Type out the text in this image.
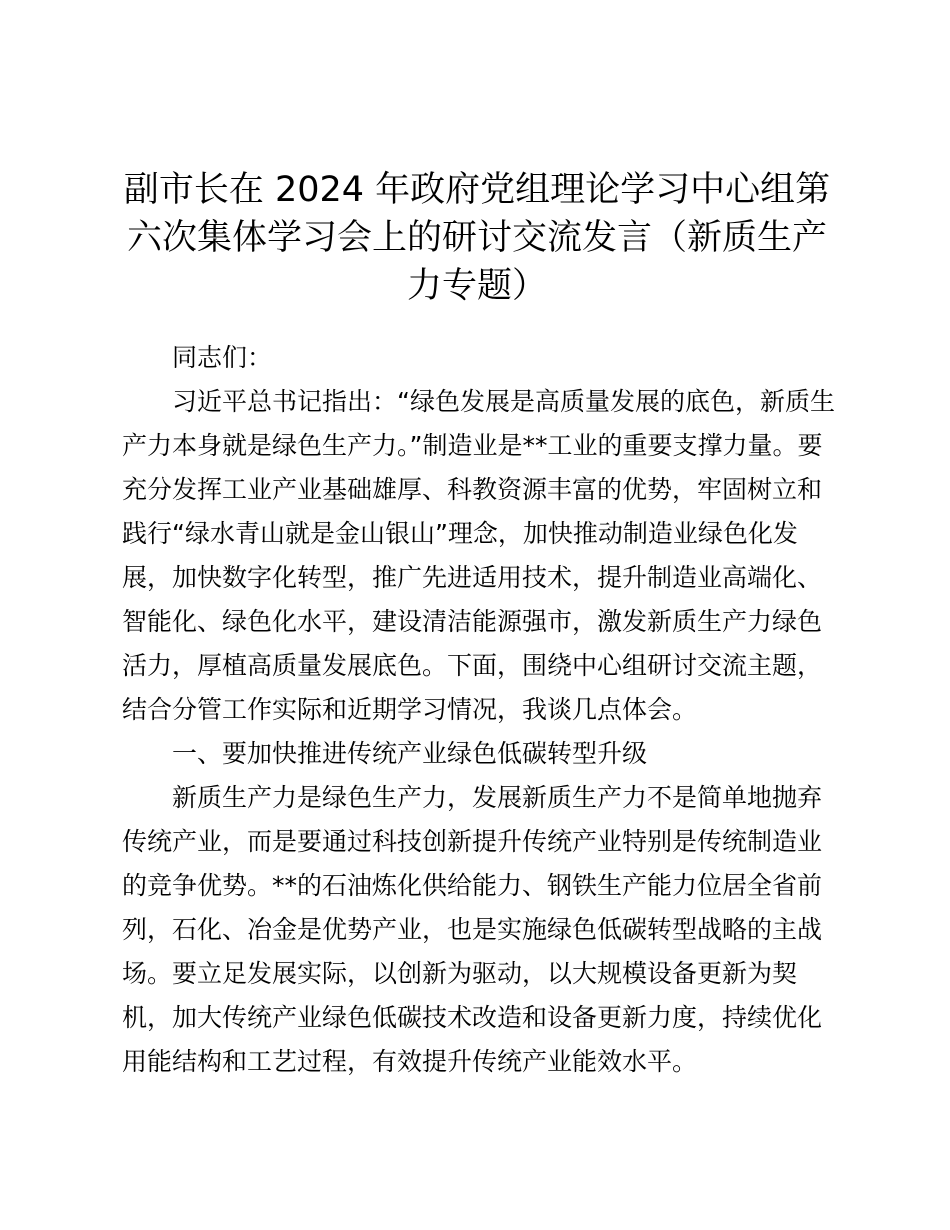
副市长在 2024 年政府党组理论学习中心组第
六次集体学习会上的研讨交流发言（新质生产
力专题）
同志们：
习近平总书记指出：“绿色发展是高质量发展的底色，新质生
产力本身就是绿色生产力。”制造业是**工业的重要支撑力量。要
充分发挥工业产业基础雄厚、科教资源丰富的优势，牢固树立和
践行“绿水青山就是金山银山”理念，加快推动制造业绿色化发
展，加快数字化转型，推广先进适用技术，提升制造业高端化、
智能化、绿色化水平，建设清洁能源强市，激发新质生产力绿色
活力，厚植高质量发展底色。下面，围绕中心组研讨交流主题，
结合分管工作实际和近期学习情况，我谈几点体会。
一、要加快推进传统产业绿色低碳转型升级
新质生产力是绿色生产力，发展新质生产力不是简单地抛弃
传统产业，而是要通过科技创新提升传统产业特别是传统制造业
的竞争优势。**的石油炼化供给能力、钢铁生产能力位居全省前
列，石化、冶金是优势产业，也是实施绿色低碳转型战略的主战
场。要立足发展实际，以创新为驱动，以大规模设备更新为契
机，加大传统产业绿色低碳技术改造和设备更新力度，持续优化
用能结构和工艺过程，有效提升传统产业能效水平。
